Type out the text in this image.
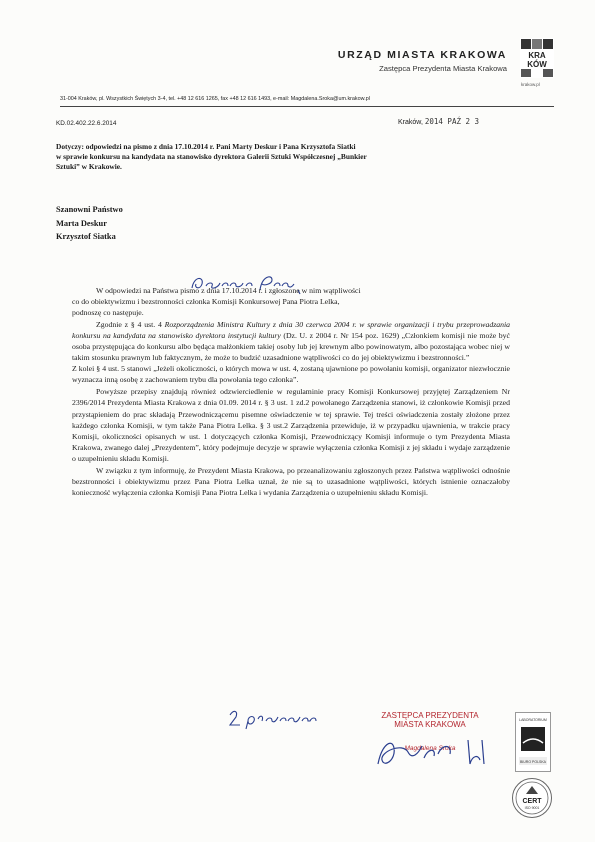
URZĄD MIASTA KRAKOWA
Zastępca Prezydenta Miasta Krakowa
KRA
KÓW
krakow.pl
31-004 Kraków, pl. Wszystkich Świętych 3-4, tel. +48 12 616 1265, fax +48 12 616 1493, e-mail: Magdalena.Sroka@um.krakow.pl
KD.02.402.22.6.2014	Kraków, 2014 PAŹ 2 3
Dotyczy: odpowiedzi na pismo z dnia 17.10.2014 r. Pani Marty Deskur i Pana Krzysztofa Siatki
w sprawie konkursu na kandydata na stanowisko dyrektora Galerii Sztuki Współczesnej „Bunkier
Sztuki” w Krakowie.
Szanowni Państwo
Marta Deskur
Krzysztof Siatka

W odpowiedzi na Państwa pismo z dnia 17.10.2014 r. i zgłoszone w nim wątpliwości

co do obiektywizmu i bezstronności członka Komisji Konkursowej Pana Piotra Lelka,

podnoszę co następuje.

Zgodnie z § 4 ust. 4 Rozporządzenia Ministra Kultury z dnia 30 czerwca 2004 r. w sprawie organizacji i trybu przeprowadzania konkursu na kandydata na stanowisko dyrektora instytucji kultury (Dz. U. z 2004 r. Nr 154 poz. 1629) „Członkiem komisji nie może być osoba przystępująca do konkursu albo będąca małżonkiem takiej osoby lub jej krewnym albo powinowatym, albo pozostająca wobec niej w takim stosunku prawnym lub faktycznym, że może to budzić uzasadnione wątpliwości co do jej obiektywizmu i bezstronności.”

Z kolei § 4 ust. 5 stanowi „Jeżeli okoliczności, o których mowa w ust. 4, zostaną ujawnione po powołaniu komisji, organizator niezwłocznie wyznacza inną osobę z zachowaniem trybu dla powołania tego członka”.

Powyższe przepisy znajdują również odzwierciedlenie w regulaminie pracy Komisji Konkursowej przyjętej Zarządzeniem Nr 2396/2014 Prezydenta Miasta Krakowa z dnia 01.09. 2014 r. § 3 ust. 1 zd.2 powołanego Zarządzenia stanowi, iż członkowie Komisji przed przystąpieniem do prac składają Przewodniczącemu pisemne oświadczenie w tej sprawie. Tej treści oświadczenia zostały złożone przez każdego członka Komisji, w tym także Pana Piotra Lelka. § 3 ust.2 Zarządzenia przewiduje, iż w przypadku ujawnienia, w trakcie pracy Komisji, okoliczności opisanych w ust. 1 dotyczących członka Komisji, Przewodniczący Komisji informuje o tym Prezydenta Miasta Krakowa, zwanego dalej „Prezydentem”, który podejmuje decyzje w sprawie wyłączenia członka Komisji z jej składu i wydaje zarządzenie o uzupełnieniu składu Komisji.

W związku z tym informuję, że Prezydent Miasta Krakowa, po przeanalizowaniu zgłoszonych przez Państwa wątpliwości odnośnie bezstronności i obiektywizmu przez Pana Piotra Lelka uznał, że nie są to uzasadnione wątpliwości, których istnienie oznaczałoby konieczność wyłączenia członka Komisji Pana Piotra Lelka i wydania Zarządzenia o uzupełnieniu składu Komisji.

ZASTĘPCA PREZYDENTA
MIASTA KRAKOWA
Magdalena Sroka
LABORATORIUM
BIURO POLSKA
CERT
ISO 9001
